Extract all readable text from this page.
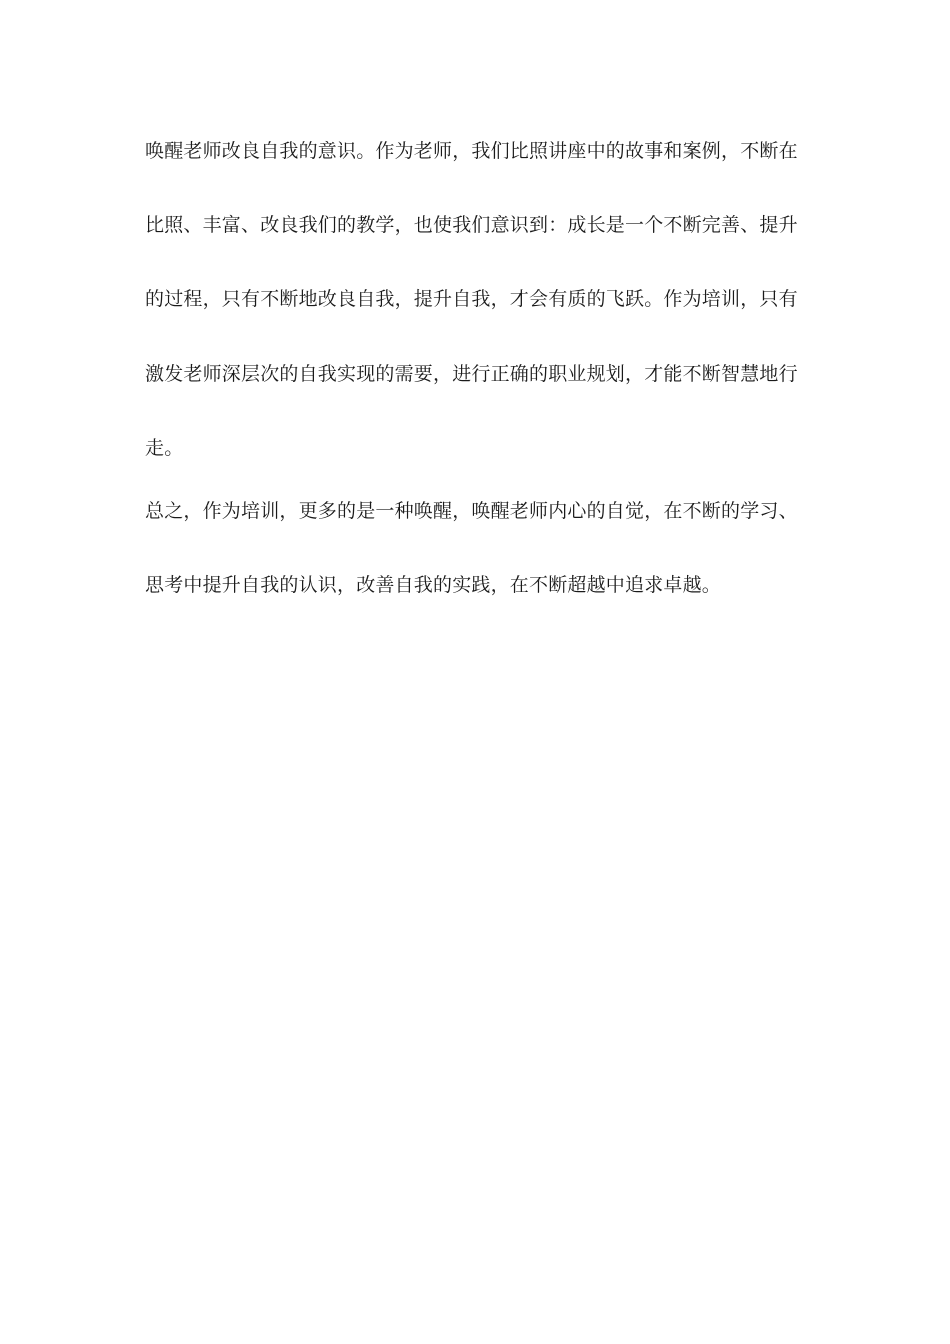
唤醒老师改良自我的意识。作为老师，我们比照讲座中的故事和案例，不断在
比照、丰富、改良我们的教学，也使我们意识到：成长是一个不断完善、提升
的过程，只有不断地改良自我，提升自我，才会有质的飞跃。作为培训，只有
激发老师深层次的自我实现的需要，进行正确的职业规划，才能不断智慧地行
走。
总之，作为培训，更多的是一种唤醒，唤醒老师内心的自觉，在不断的学习、
思考中提升自我的认识，改善自我的实践，在不断超越中追求卓越。
